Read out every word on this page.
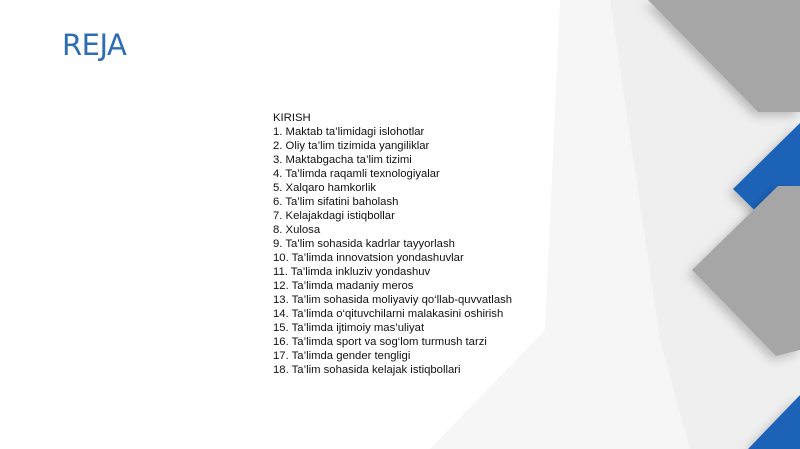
REJA
KIRISH
1. Maktab ta’limidagi islohotlar
2. Oliy ta’lim tizimida yangiliklar
3. Maktabgacha ta’lim tizimi
4. Ta’limda raqamli texnologiyalar
5. Xalqaro hamkorlik
6. Ta’lim sifatini baholash
7. Kelajakdagi istiqbollar
8. Xulosa
9. Ta’lim sohasida kadrlar tayyorlash
10. Ta’limda innovatsion yondashuvlar
11. Ta’limda inkluziv yondashuv
12. Ta’limda madaniy meros
13. Ta’lim sohasida moliyaviy qo‘llab-quvvatlash
14. Ta’limda o‘qituvchilarni malakasini oshirish
15. Ta’limda ijtimoiy mas’uliyat
16. Ta’limda sport va sog‘lom turmush tarzi
17. Ta’limda gender tengligi
18. Ta’lim sohasida kelajak istiqbollari
